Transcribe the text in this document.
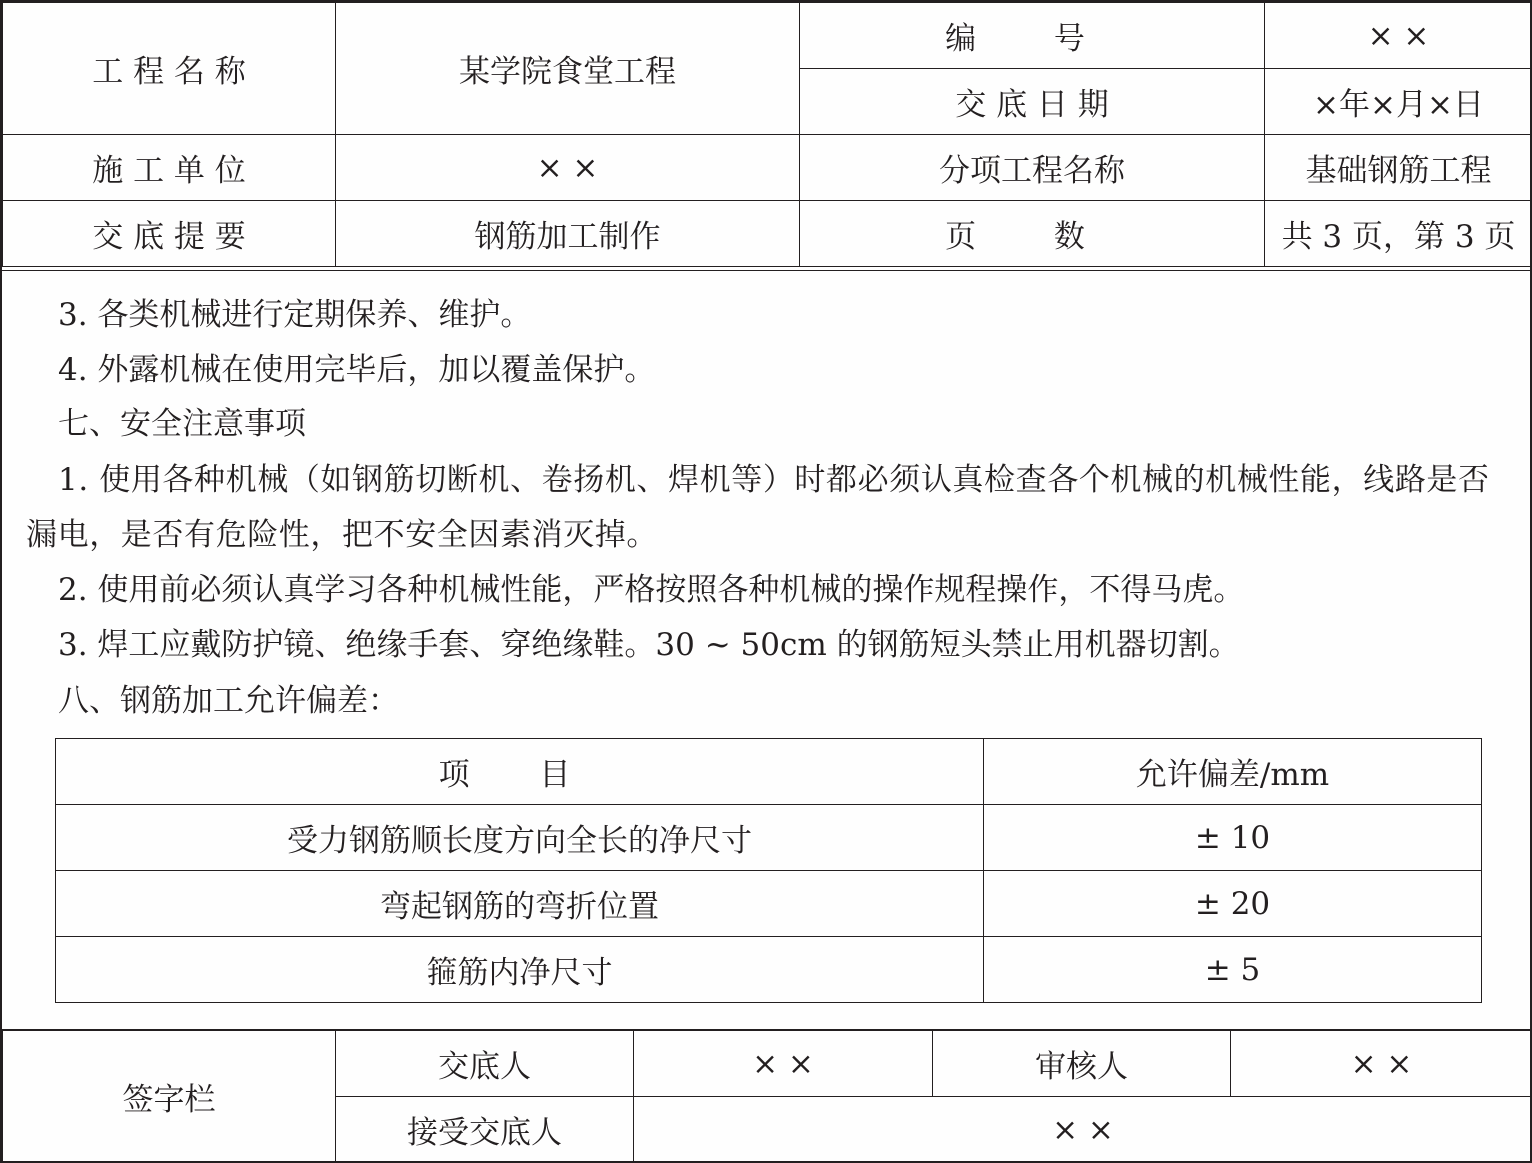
工 程 名 称	某学院食堂工程	编 号	× ×
		交 底 日 期	×年×月×日
施 工 单 位	× ×	分项工程名称	基础钢筋工程
交 底 提 要	钢筋加工制作	页 数	共 3 页，第 3 页
3. 各类机械进行定期保养、维护。
4. 外露机械在使用完毕后，加以覆盖保护。
七、安全注意事项
1. 使用各种机械（如钢筋切断机、卷扬机、焊机等）时都必须认真检查各个机械的机械性能，线路是否漏电，是否有危险性，把不安全因素消灭掉。
2. 使用前必须认真学习各种机械性能，严格按照各种机械的操作规程操作，不得马虎。
3. 焊工应戴防护镜、绝缘手套、穿绝缘鞋。30 ~ 50cm 的钢筋短头禁止用机器切割。
八、钢筋加工允许偏差：
项 目	允许偏差/mm
受力钢筋顺长度方向全长的净尺寸	± 10
弯起钢筋的弯折位置	± 20
箍筋内净尺寸	± 5
签字栏	交底人	× ×	审核人	× ×
	接受交底人	× ×		
